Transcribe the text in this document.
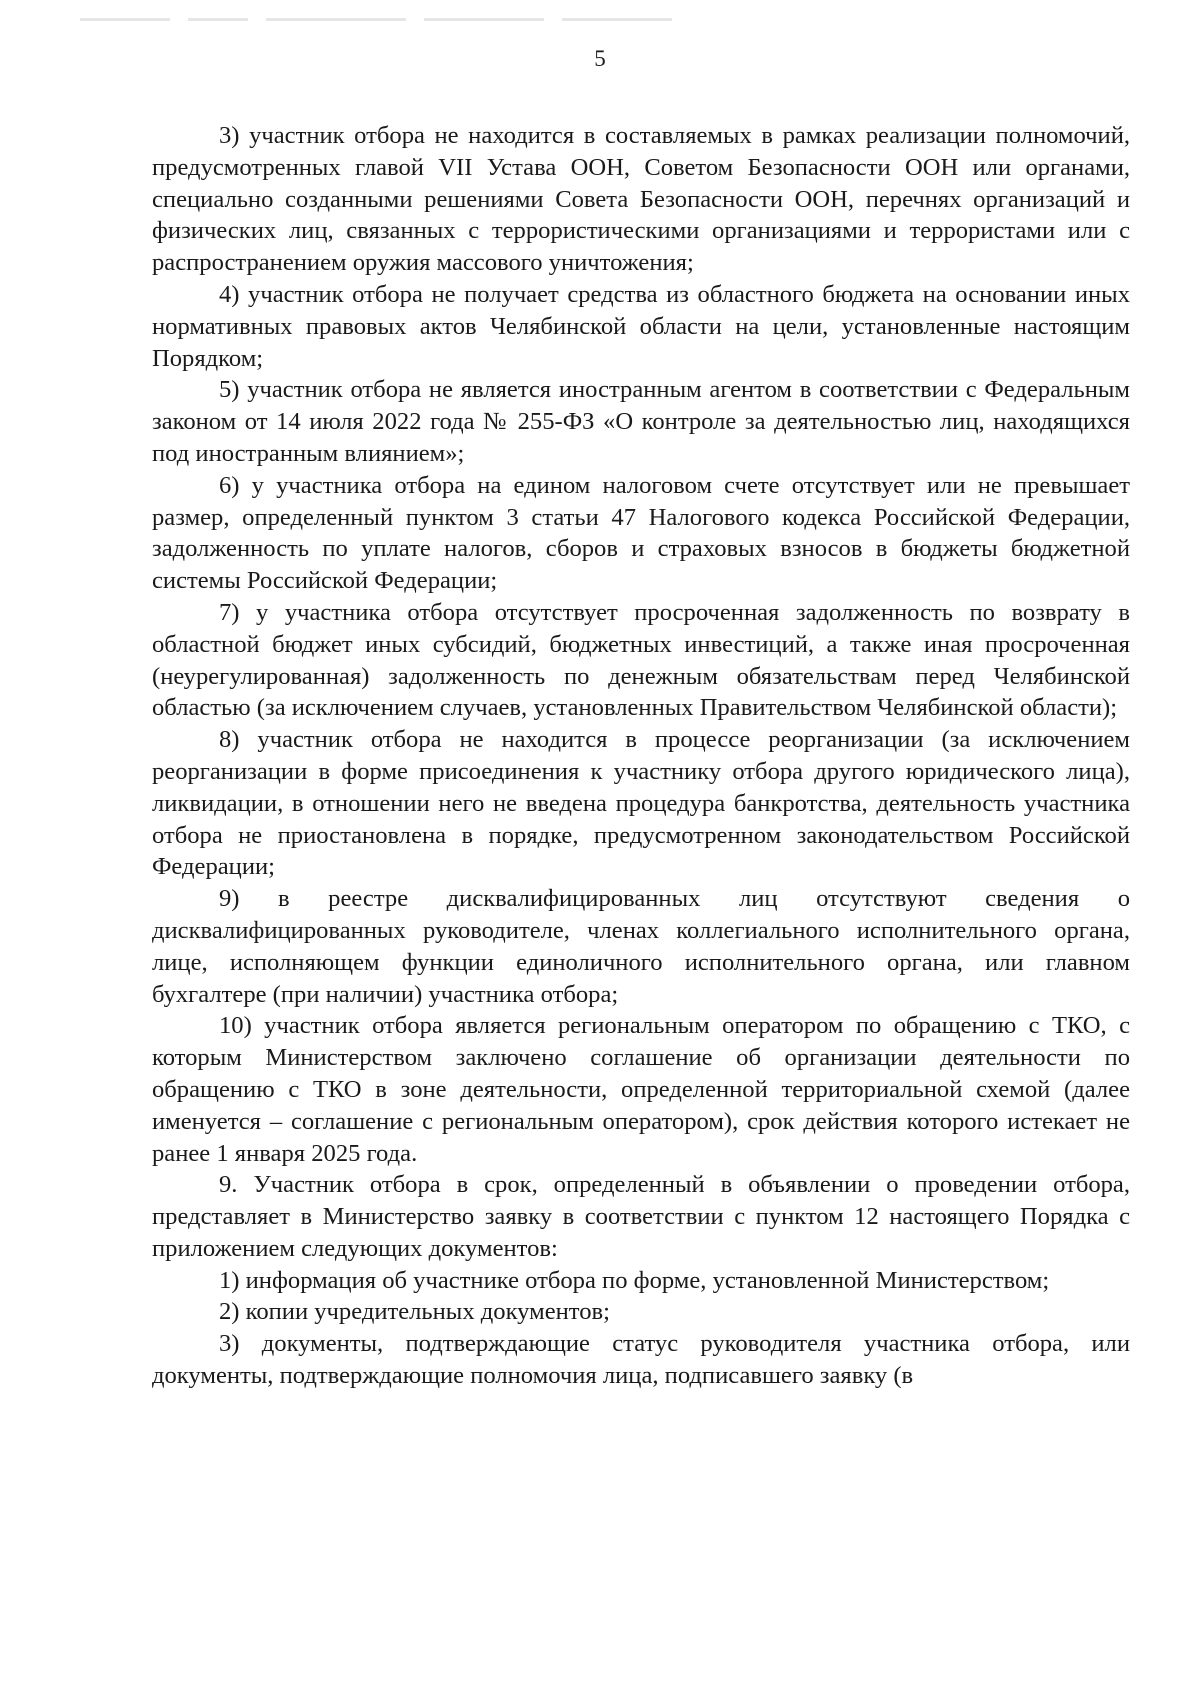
5

3) участник отбора не находится в составляемых в рамках реализации полномочий, предусмотренных главой VII Устава ООН, Советом Безопасности ООН или органами, специально созданными решениями Совета Безопасности ООН, перечнях организаций и физических лиц, связанных с террористическими организациями и террористами или с распространением оружия массового уничтожения;

4) участник отбора не получает средства из областного бюджета на основании иных нормативных правовых актов Челябинской области на цели, установленные настоящим Порядком;

5) участник отбора не является иностранным агентом в соответствии с Федеральным законом от 14 июля 2022 года № 255-ФЗ «О контроле за деятельностью лиц, находящихся под иностранным влиянием»;

6) у участника отбора на едином налоговом счете отсутствует или не превышает размер, определенный пунктом 3 статьи 47 Налогового кодекса Российской Федерации, задолженность по уплате налогов, сборов и страховых взносов в бюджеты бюджетной системы Российской Федерации;

7) у участника отбора отсутствует просроченная задолженность по возврату в областной бюджет иных субсидий, бюджетных инвестиций, а также иная просроченная (неурегулированная) задолженность по денежным обязательствам перед Челябинской областью (за исключением случаев, установленных Правительством Челябинской области);

8) участник отбора не находится в процессе реорганизации (за исключением реорганизации в форме присоединения к участнику отбора другого юридического лица), ликвидации, в отношении него не введена процедура банкротства, деятельность участника отбора не приостановлена в порядке, предусмотренном законодательством Российской Федерации;

9) в реестре дисквалифицированных лиц отсутствуют сведения о дисквалифицированных руководителе, членах коллегиального исполнительного органа, лице, исполняющем функции единоличного исполнительного органа, или главном бухгалтере (при наличии) участника отбора;

10) участник отбора является региональным оператором по обращению с ТКО, с которым Министерством заключено соглашение об организации деятельности по обращению с ТКО в зоне деятельности, определенной территориальной схемой (далее именуется – соглашение с региональным оператором), срок действия которого истекает не ранее 1 января 2025 года.

9. Участник отбора в срок, определенный в объявлении о проведении отбора, представляет в Министерство заявку в соответствии с пунктом 12 настоящего Порядка с приложением следующих документов:

1) информация об участнике отбора по форме, установленной Министерством;

2) копии учредительных документов;

3) документы, подтверждающие статус руководителя участника отбора, или документы, подтверждающие полномочия лица, подписавшего заявку (в
